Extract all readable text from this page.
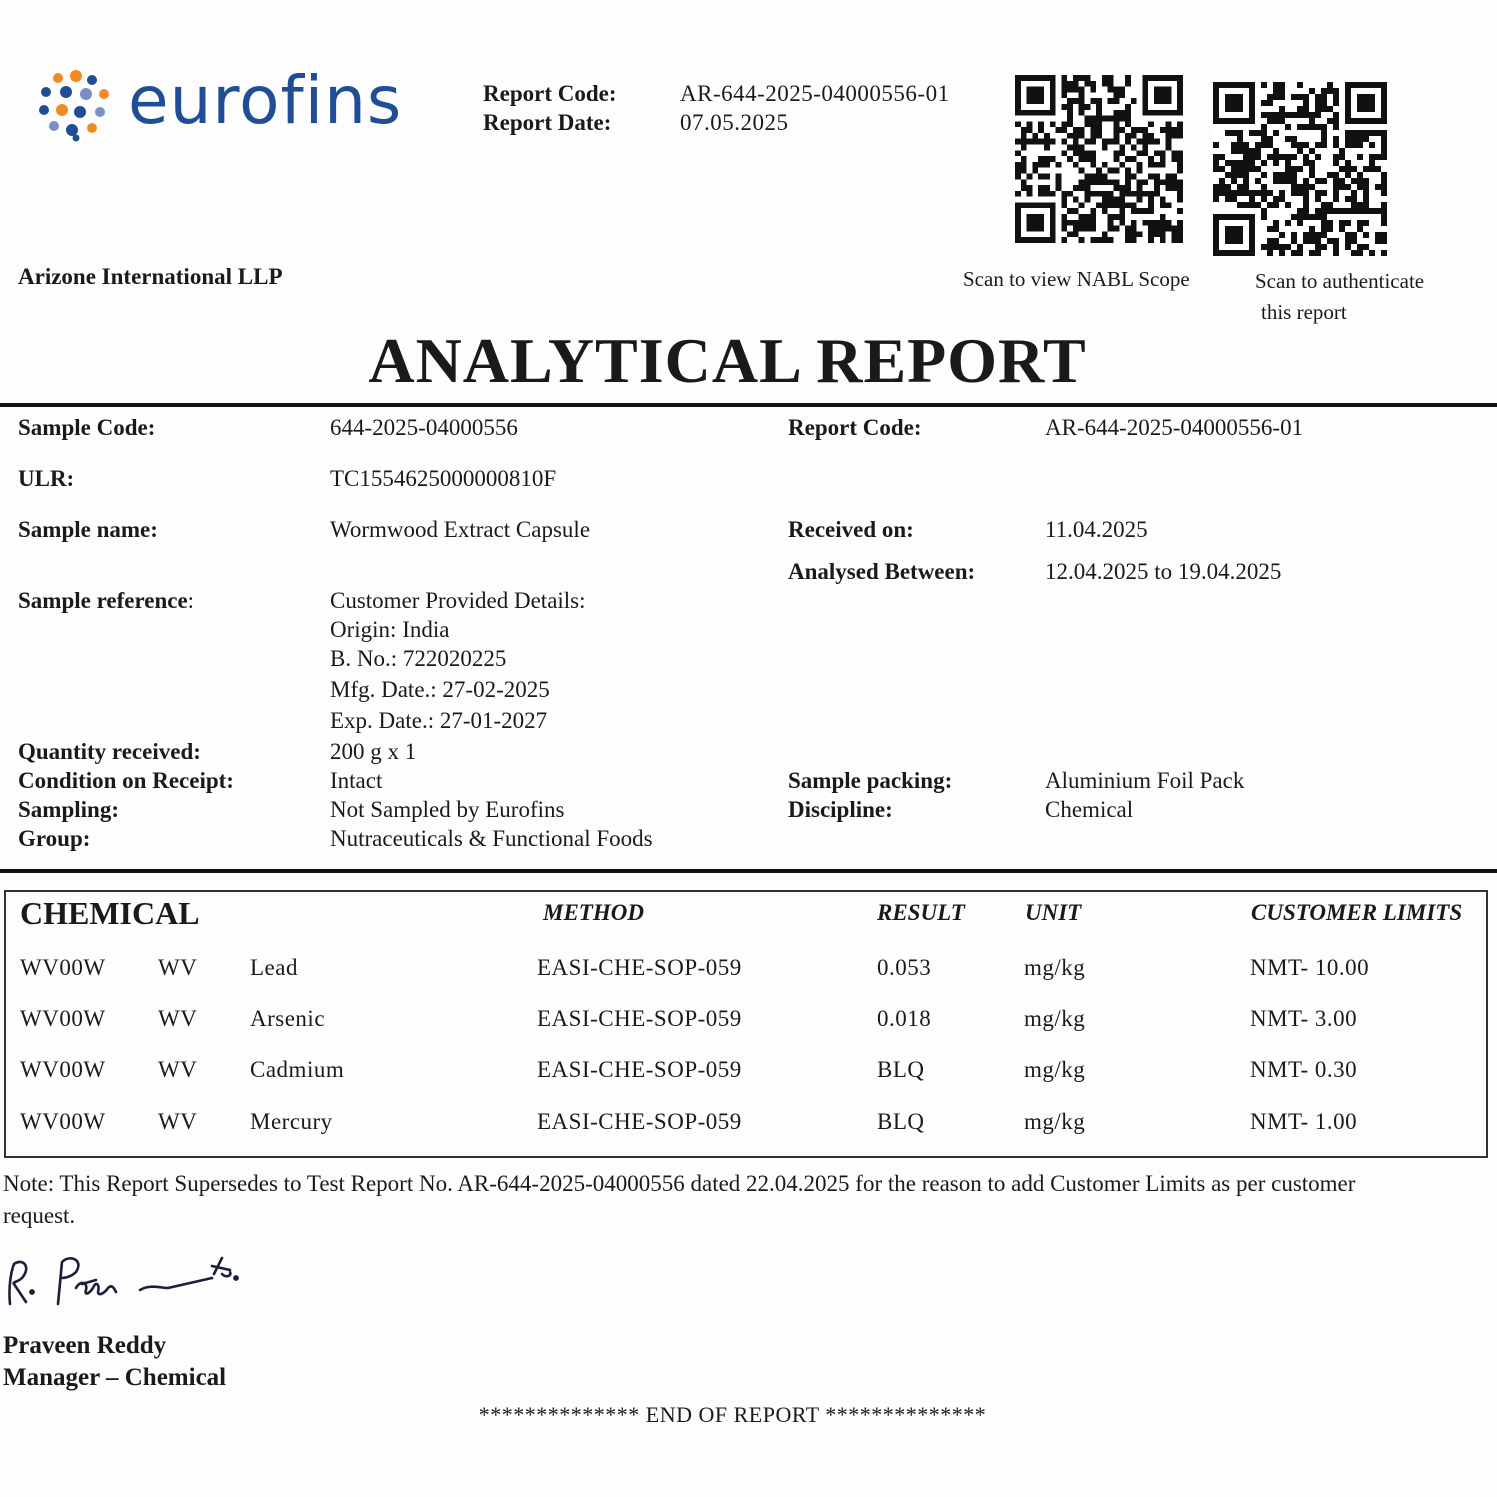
eurofins	Report Code:	AR-644-2025-04000556-01
Report Date:	07.05.2025
Scan to view NABL Scope	Scan to authenticate
this report
Arizone International LLP
ANALYTICAL REPORT
Sample Code:	644-2025-04000556	Report Code:	AR-644-2025-04000556-01
ULR:	TC1554625000000810F
Sample name:	Wormwood Extract Capsule	Received on:	11.04.2025
Analysed Between:	12.04.2025 to 19.04.2025
Sample reference:	Customer Provided Details:
Origin: India
B. No.: 722020225
Mfg. Date.: 27-02-2025
Exp. Date.: 27-01-2027
Quantity received:	200 g x 1
Condition on Receipt:	Intact	Sample packing:	Aluminium Foil Pack
Sampling:	Not Sampled by Eurofins	Discipline:	Chemical
Group:	Nutraceuticals & Functional Foods
CHEMICAL	METHOD	RESULT	UNIT	CUSTOMER LIMITS
WV00W WV Lead	EASI-CHE-SOP-059	0.053	mg/kg	NMT- 10.00
WV00W WV Arsenic	EASI-CHE-SOP-059	0.018	mg/kg	NMT- 3.00
WV00W WV Cadmium	EASI-CHE-SOP-059	BLQ	mg/kg	NMT- 0.30
WV00W WV Mercury	EASI-CHE-SOP-059	BLQ	mg/kg	NMT- 1.00
Note: This Report Supersedes to Test Report No. AR-644-2025-04000556 dated 22.04.2025 for the reason to add Customer Limits as per customer request.
Praveen Reddy
Manager – Chemical
************** END OF REPORT **************
